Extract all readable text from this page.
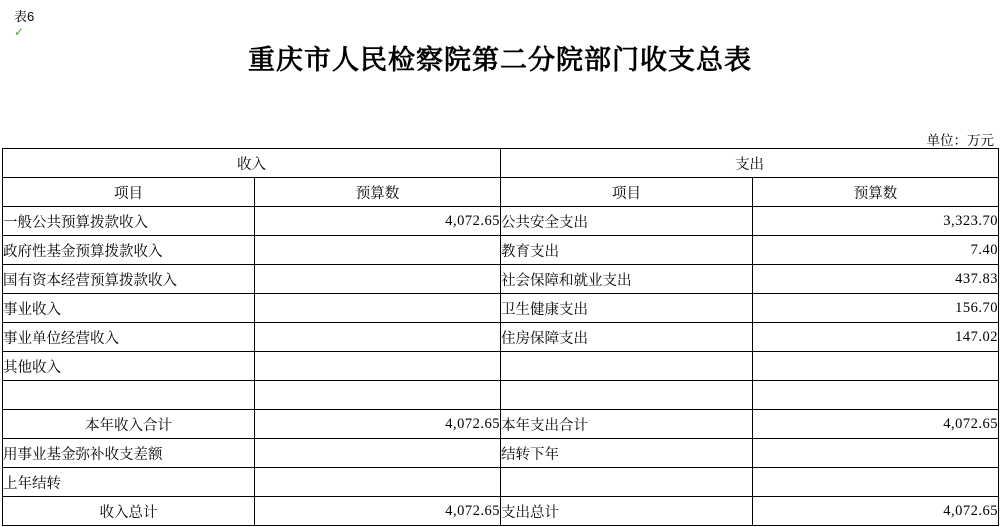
表6
✓
重庆市人民检察院第二分院部门收支总表
单位：万元
收入		支出	
项目	预算数	项目	预算数
一般公共预算拨款收入	4,072.65	公共安全支出	3,323.70
政府性基金预算拨款收入		教育支出	7.40
国有资本经营预算拨款收入		社会保障和就业支出	437.83
事业收入		卫生健康支出	156.70
事业单位经营收入		住房保障支出	147.02
其他收入			

本年收入合计	4,072.65	本年支出合计	4,072.65
用事业基金弥补收支差额		结转下年	
上年结转			
收入总计	4,072.65	支出总计	4,072.65
